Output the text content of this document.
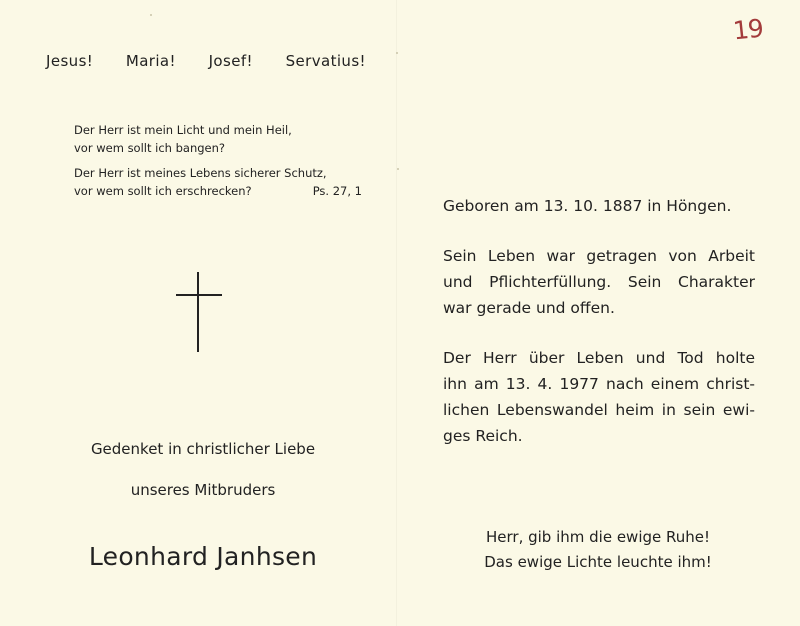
19
Jesus! Maria! Josef! Servatius!
Der Herr ist mein Licht und mein Heil,
vor wem sollt ich bangen?
Der Herr ist meines Lebens sicherer Schutz,
vor wem sollt ich erschrecken?	Ps. 27, 1
Gedenket in christlicher Liebe
unseres Mitbruders
Leonhard Janhsen
Geboren am 13. 10. 1887 in Höngen.
Sein Leben war getragen von Arbeit
und Pflichterfüllung. Sein Charakter
war gerade und offen.
Der Herr über Leben und Tod holte
ihn am 13. 4. 1977 nach einem christ-
lichen Lebenswandel heim in sein ewi-
ges Reich.
Herr, gib ihm die ewige Ruhe!
Das ewige Lichte leuchte ihm!
